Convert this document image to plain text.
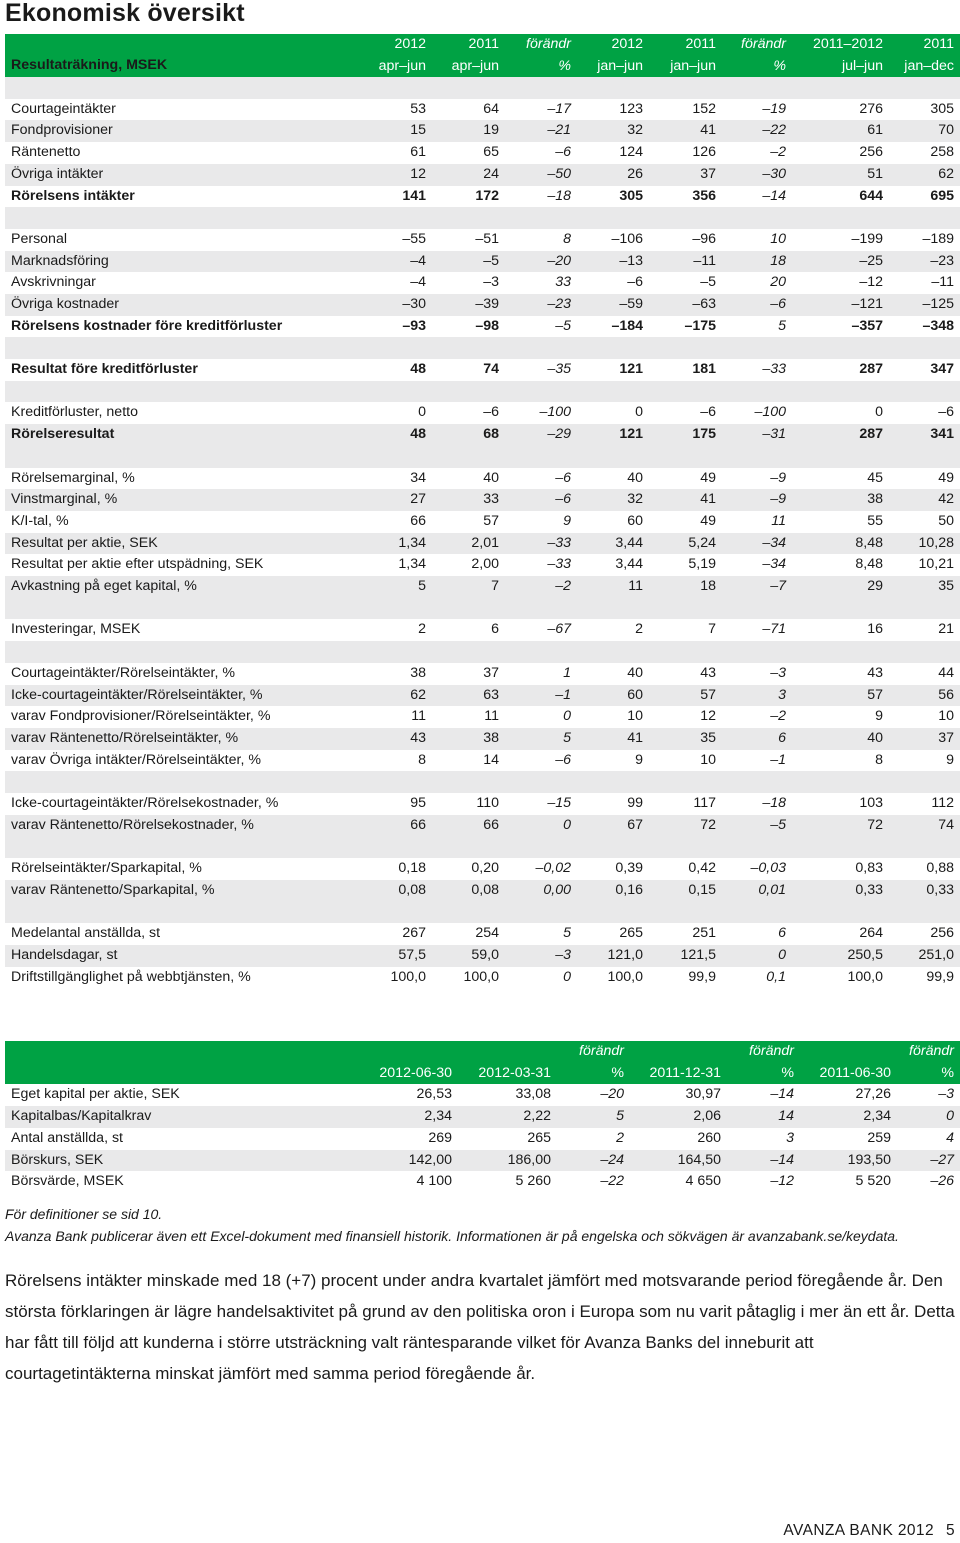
Ekonomisk översikt
Resultaträkning, MSEK	2012	2011	förändr	2012	2011	förändr	2011–2012	2011
	apr–jun	apr–jun	%	jan–jun	jan–jun	%	jul–jun	jan–dec

Courtageintäkter	53	64	–17	123	152	–19	276	305
Fondprovisioner	15	19	–21	32	41	–22	61	70
Räntenetto	61	65	–6	124	126	–2	256	258
Övriga intäkter	12	24	–50	26	37	–30	51	62
Rörelsens intäkter	141	172	–18	305	356	–14	644	695

Personal	–55	–51	8	–106	–96	10	–199	–189
Marknadsföring	–4	–5	–20	–13	–11	18	–25	–23
Avskrivningar	–4	–3	33	–6	–5	20	–12	–11
Övriga kostnader	–30	–39	–23	–59	–63	–6	–121	–125
Rörelsens kostnader före kreditförluster	–93	–98	–5	–184	–175	5	–357	–348

Resultat före kreditförluster	48	74	–35	121	181	–33	287	347

Kreditförluster, netto	0	–6	–100	0	–6	–100	0	–6
Rörelseresultat	48	68	–29	121	175	–31	287	341

Rörelsemarginal, %	34	40	–6	40	49	–9	45	49
Vinstmarginal, %	27	33	–6	32	41	–9	38	42
K/I-tal, %	66	57	9	60	49	11	55	50
Resultat per aktie, SEK	1,34	2,01	–33	3,44	5,24	–34	8,48	10,28
Resultat per aktie efter utspädning, SEK	1,34	2,00	–33	3,44	5,19	–34	8,48	10,21
Avkastning på eget kapital, %	5	7	–2	11	18	–7	29	35

Investeringar, MSEK	2	6	–67	2	7	–71	16	21

Courtageintäkter/Rörelseintäkter, %	38	37	1	40	43	–3	43	44
Icke-courtageintäkter/Rörelseintäkter, %	62	63	–1	60	57	3	57	56
varav Fondprovisioner/Rörelseintäkter, %	11	11	0	10	12	–2	9	10
varav Räntenetto/Rörelseintäkter, %	43	38	5	41	35	6	40	37
varav Övriga intäkter/Rörelseintäkter, %	8	14	–6	9	10	–1	8	9

Icke-courtageintäkter/Rörelsekostnader, %	95	110	–15	99	117	–18	103	112
varav Räntenetto/Rörelsekostnader, %	66	66	0	67	72	–5	72	74

Rörelseintäkter/Sparkapital, %	0,18	0,20	–0,02	0,39	0,42	–0,03	0,83	0,88
varav Räntenetto/Sparkapital, %	0,08	0,08	0,00	0,16	0,15	0,01	0,33	0,33

Medelantal anställda, st	267	254	5	265	251	6	264	256
Handelsdagar, st	57,5	59,0	–3	121,0	121,5	0	250,5	251,0
Driftstillgänglighet på webbtjänsten, %	100,0	100,0	0	100,0	99,9	0,1	100,0	99,9
			förändr		förändr		förändr
	2012-06-30	2012-03-31	%	2011-12-31	%	2011-06-30	%
Eget kapital per aktie, SEK	26,53	33,08	–20	30,97	–14	27,26	–3
Kapitalbas/Kapitalkrav	2,34	2,22	5	2,06	14	2,34	0
Antal anställda, st	269	265	2	260	3	259	4
Börskurs, SEK	142,00	186,00	–24	164,50	–14	193,50	–27
Börsvärde, MSEK	4 100	5 260	–22	4 650	–12	5 520	–26

För definitioner se sid 10.

Avanza Bank publicerar även ett Excel-dokument med finansiell historik. Informationen är på engelska och sökvägen är avanzabank.se/keydata.

Rörelsens intäkter minskade med 18 (+7) procent under andra kvartalet jämfört med motsvarande period föregående år. Den största förklaringen är lägre handelsaktivitet på grund av den politiska oron i Europa som nu varit påtaglig i mer än ett år. Detta har fått till följd att kunderna i större utsträckning valt räntesparande vilket för Avanza Banks del inneburit att courtagetintäkterna minskat jämfört med samma period föregående år.

AVANZA BANK 2012 5
